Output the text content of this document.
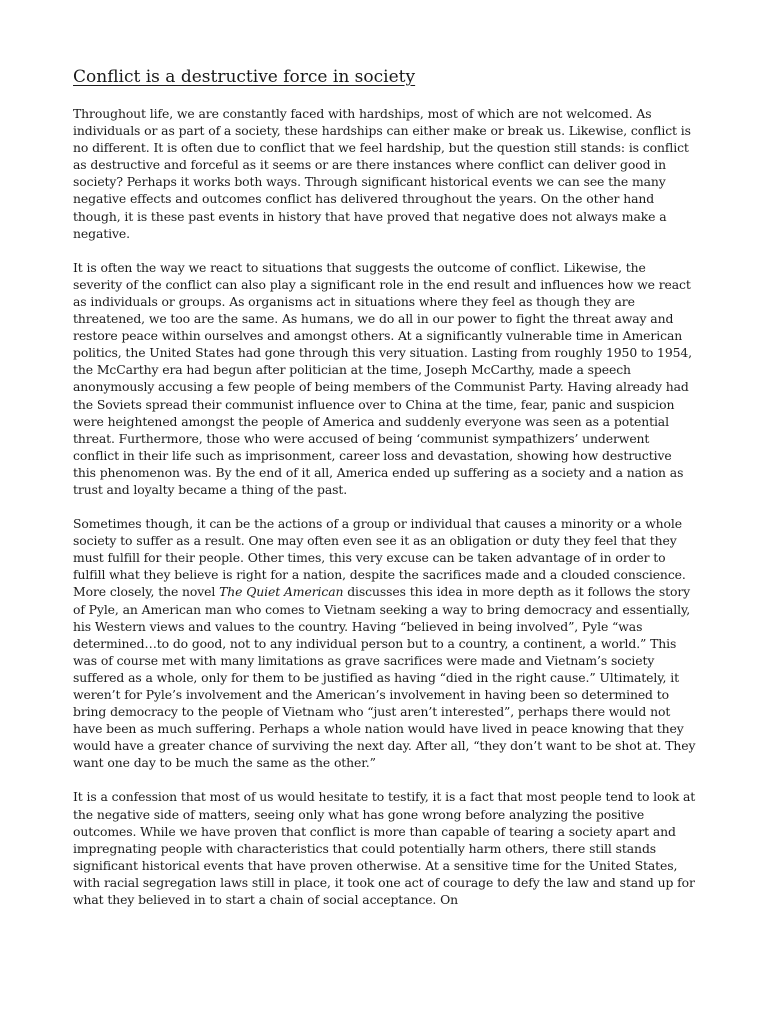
Conflict is a destructive force in society

Throughout life, we are constantly faced with hardships, most of which are not welcomed. As individuals or as part of a society, these hardships can either make or break us. Likewise, conflict is no different. It is often due to conflict that we feel hardship, but the question still stands: is conflict as destructive and forceful as it seems or are there instances where conflict can deliver good in society? Perhaps it works both ways. Through significant historical events we can see the many negative effects and outcomes conflict has delivered throughout the years. On the other hand though, it is these past events in history that have proved that negative does not always make a negative.

It is often the way we react to situations that suggests the outcome of conflict. Likewise, the severity of the conflict can also play a significant role in the end result and influences how we react as individuals or groups. As organisms act in situations where they feel as though they are threatened, we too are the same. As humans, we do all in our power to fight the threat away and restore peace within ourselves and amongst others. At a significantly vulnerable time in American politics, the United States had gone through this very situation. Lasting from roughly 1950 to 1954, the McCarthy era had begun after politician at the time, Joseph McCarthy, made a speech anonymously accusing a few people of being members of the Communist Party. Having already had the Soviets spread their communist influence over to China at the time, fear, panic and suspicion were heightened amongst the people of America and suddenly everyone was seen as a potential threat. Furthermore, those who were accused of being ‘communist sympathizers’ underwent conflict in their life such as imprisonment, career loss and devastation, showing how destructive this phenomenon was. By the end of it all, America ended up suffering as a society and a nation as trust and loyalty became a thing of the past.

Sometimes though, it can be the actions of a group or individual that causes a minority or a whole society to suffer as a result. One may often even see it as an obligation or duty they feel that they must fulfill for their people. Other times, this very excuse can be taken advantage of in order to fulfill what they believe is right for a nation, despite the sacrifices made and a clouded conscience. More closely, the novel The Quiet American discusses this idea in more depth as it follows the story of Pyle, an American man who comes to Vietnam seeking a way to bring democracy and essentially, his Western views and values to the country. Having “believed in being involved”, Pyle “was determined…to do good, not to any individual person but to a country, a continent, a world.” This was of course met with many limitations as grave sacrifices were made and Vietnam’s society suffered as a whole, only for them to be justified as having “died in the right cause.” Ultimately, it weren’t for Pyle’s involvement and the American’s involvement in having been so determined to bring democracy to the people of Vietnam who “just aren’t interested”, perhaps there would not have been as much suffering. Perhaps a whole nation would have lived in peace knowing that they would have a greater chance of surviving the next day. After all, “they don’t want to be shot at. They want one day to be much the same as the other.”

It is a confession that most of us would hesitate to testify, it is a fact that most people tend to look at the negative side of matters, seeing only what has gone wrong before analyzing the positive outcomes. While we have proven that conflict is more than capable of tearing a society apart and impregnating people with characteristics that could potentially harm others, there still stands significant historical events that have proven otherwise. At a sensitive time for the United States, with racial segregation laws still in place, it took one act of courage to defy the law and stand up for what they believed in to start a chain of social acceptance. On
